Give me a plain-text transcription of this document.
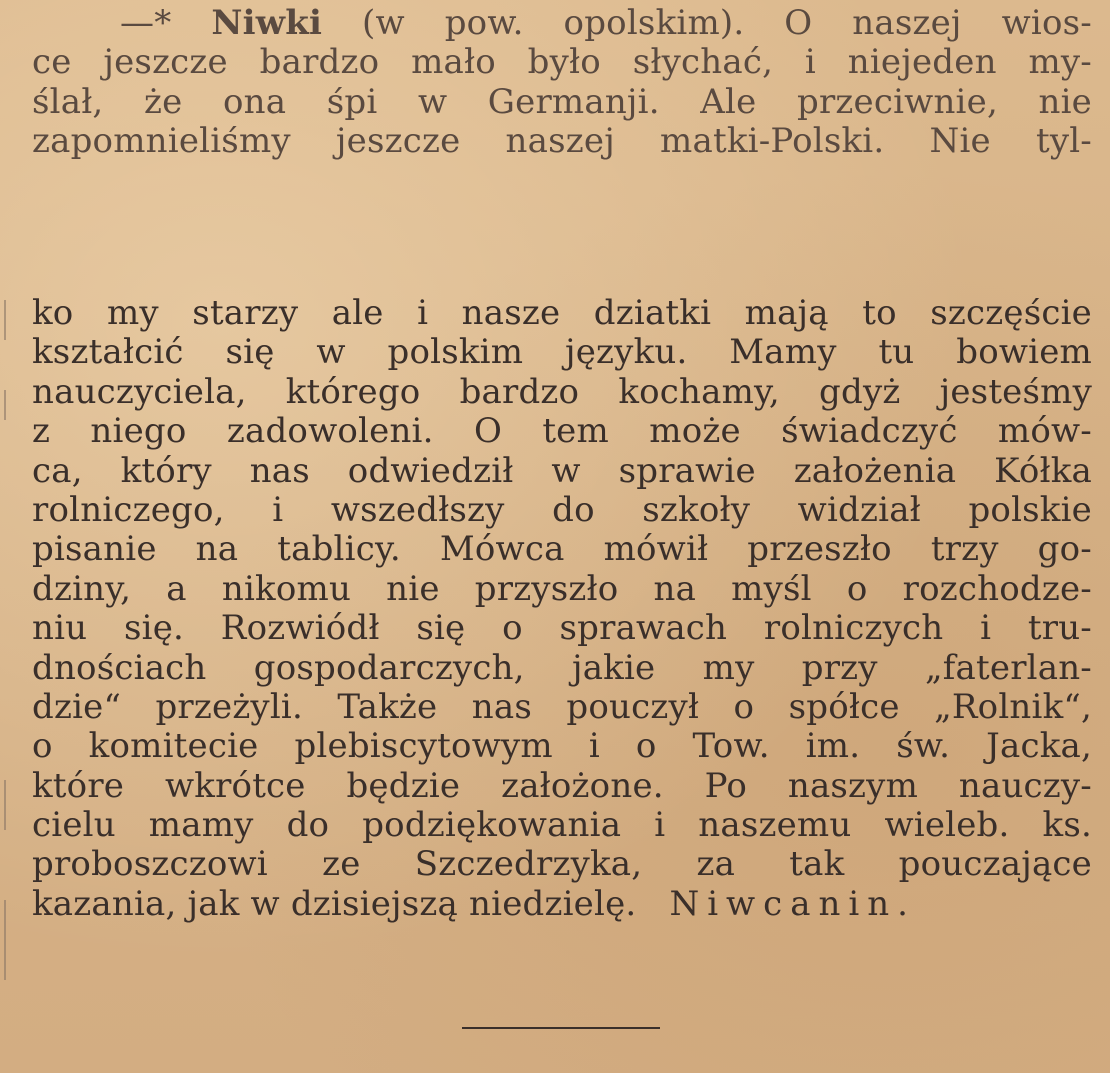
—* Niwki (w pow. opolskim). O naszej wios-
ce jeszcze bardzo mało było słychać, i niejeden my-
ślał, że ona śpi w Germanji. Ale przeciwnie, nie
zapomnieliśmy jeszcze naszej matki-Polski. Nie tyl-
ko my starzy ale i nasze dziatki mają to szczęście
kształcić się w polskim języku. Mamy tu bowiem
nauczyciela, którego bardzo kochamy, gdyż jesteśmy
z niego zadowoleni. O tem może świadczyć mów-
ca, który nas odwiedził w sprawie założenia Kółka
rolniczego, i wszedłszy do szkoły widział polskie
pisanie na tablicy. Mówca mówił przeszło trzy go-
dziny, a nikomu nie przyszło na myśl o rozchodze-
niu się. Rozwiódł się o sprawach rolniczych i tru-
dnościach gospodarczych, jakie my przy „faterlan-
dzie“ przeżyli. Także nas pouczył o spółce „Rolnik“,
o komitecie plebiscytowym i o Tow. im. św. Jacka,
które wkrótce będzie założone. Po naszym nauczy-
cielu mamy do podziękowania i naszemu wieleb. ks.
proboszczowi ze Szczedrzyka, za tak pouczające
kazania, jak w dzisiejszą niedzielę. Niwcanin.
